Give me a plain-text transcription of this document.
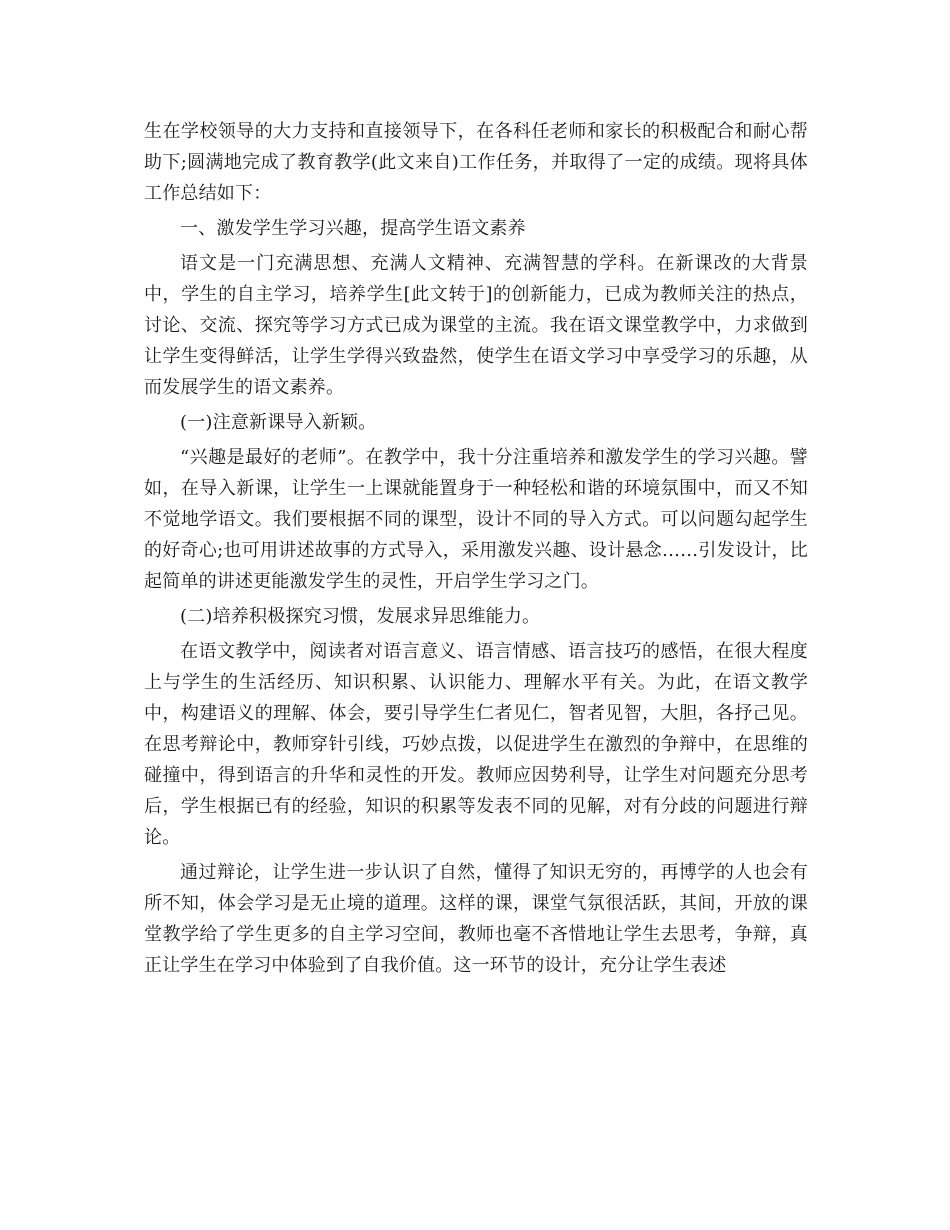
生在学校领导的大力支持和直接领导下，在各科任老师和家长的积极配合和耐心帮助下;圆满地完成了教育教学(此文来自)工作任务，并取得了一定的成绩。现将具体工作总结如下：

一、激发学生学习兴趣，提高学生语文素养

语文是一门充满思想、充满人文精神、充满智慧的学科。在新课改的大背景中，学生的自主学习，培养学生[此文转于]的创新能力，已成为教师关注的热点，讨论、交流、探究等学习方式已成为课堂的主流。我在语文课堂教学中，力求做到让学生变得鲜活，让学生学得兴致盎然，使学生在语文学习中享受学习的乐趣，从而发展学生的语文素养。

(一)注意新课导入新颖。

“兴趣是最好的老师”。在教学中，我十分注重培养和激发学生的学习兴趣。譬如，在导入新课，让学生一上课就能置身于一种轻松和谐的环境氛围中，而又不知不觉地学语文。我们要根据不同的课型，设计不同的导入方式。可以问题勾起学生的好奇心;也可用讲述故事的方式导入，采用激发兴趣、设计悬念……引发设计，比起简单的讲述更能激发学生的灵性，开启学生学习之门。

(二)培养积极探究习惯，发展求异思维能力。

在语文教学中，阅读者对语言意义、语言情感、语言技巧的感悟，在很大程度上与学生的生活经历、知识积累、认识能力、理解水平有关。为此，在语文教学中，构建语义的理解、体会，要引导学生仁者见仁，智者见智，大胆，各抒己见。在思考辩论中，教师穿针引线，巧妙点拨，以促进学生在激烈的争辩中，在思维的碰撞中，得到语言的升华和灵性的开发。教师应因势利导，让学生对问题充分思考后，学生根据已有的经验，知识的积累等发表不同的见解，对有分歧的问题进行辩论。

通过辩论，让学生进一步认识了自然，懂得了知识无穷的，再博学的人也会有所不知，体会学习是无止境的道理。这样的课，课堂气氛很活跃，其间，开放的课堂教学给了学生更多的自主学习空间，教师也毫不吝惜地让学生去思考，争辩，真正让学生在学习中体验到了自我价值。这一环节的设计，充分让学生表述
